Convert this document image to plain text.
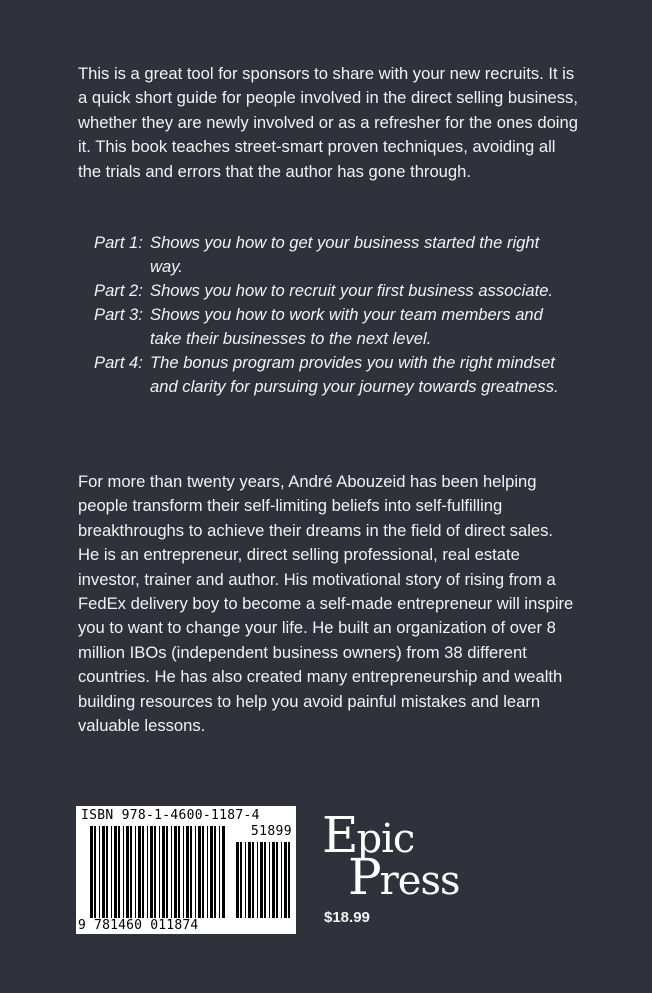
This is a great tool for sponsors to share with your new recruits. It is a quick short guide for people involved in the direct selling business, whether they are newly involved or as a refresher for the ones doing it. This book teaches street-smart proven techniques, avoiding all the trials and errors that the author has gone through.

Part 1: Shows you how to get your business started the right way.
Part 2: Shows you how to recruit your first business associate.
Part 3: Shows you how to work with your team members and take their businesses to the next level.
Part 4: The bonus program provides you with the right mindset and clarity for pursuing your journey towards greatness.

For more than twenty years, André Abouzeid has been helping people transform their self-limiting beliefs into self-fulfilling breakthroughs to achieve their dreams in the field of direct sales. He is an entrepreneur, direct selling professional, real estate investor, trainer and author. His motivational story of rising from a FedEx delivery boy to become a self-made entrepreneur will inspire you to want to change your life. He built an organization of over 8 million IBOs (independent business owners) from 38 different countries. He has also created many entrepreneurship and wealth building resources to help you avoid painful mistakes and learn valuable lessons.

ISBN 978-1-4600-1187-4
51899
9 781460 011874
Epic
Press
$18.99
